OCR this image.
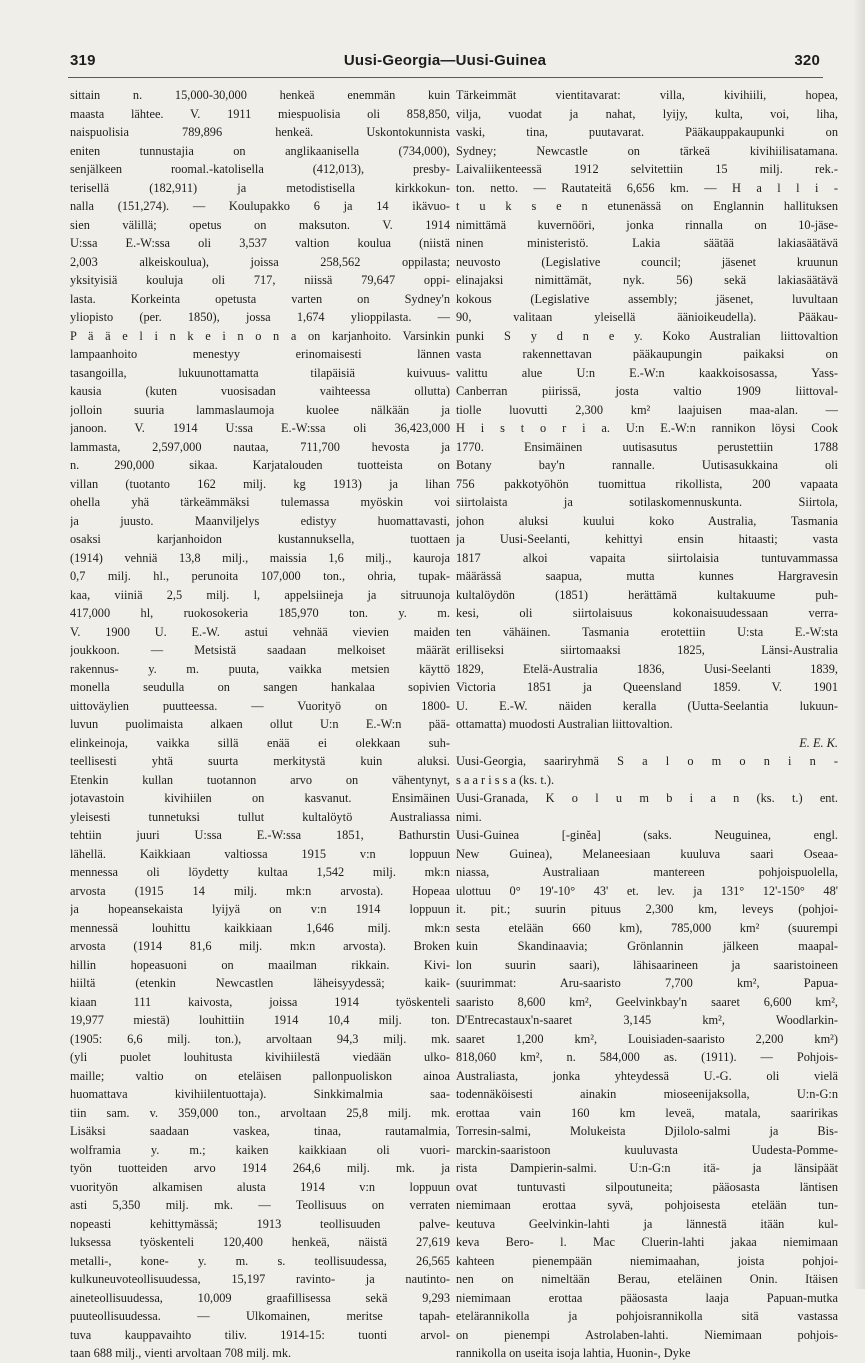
319	Uusi-Georgia—Uusi-Guinea	320
sittain n. 15,000-30,000 henkeä enemmän kuin
maasta lähtee. V. 1911 miespuolisia oli 858,850,
naispuolisia 789,896 henkeä. Uskontokunnista
eniten tunnustajia on anglikaanisella (734,000),
senjälkeen roomal.-katolisella (412,013), presby-
terisellä (182,911) ja metodistisella kirkkokun-
nalla (151,274). — Koulupakko 6 ja 14 ikävuo-
sien välillä; opetus on maksuton. V. 1914
U:ssa E.-W:ssa oli 3,537 valtion koulua (niistä
2,003 alkeiskoulua), joissa 258,562 oppilasta;
yksityisiä kouluja oli 717, niissä 79,647 oppi-
lasta. Korkeinta opetusta varten on Sydney'n
yliopisto (per. 1850), jossa 1,674 ylioppilasta. —
P ä ä e l i n k e i n o n a on karjanhoito. Varsinkin
lampaanhoito menestyy erinomaisesti lännen
tasangoilla, lukuunottamatta tilapäisiä kuivuus-
kausia (kuten vuosisadan vaihteessa ollutta)
jolloin suuria lammaslaumoja kuolee nälkään ja
janoon. V. 1914 U:ssa E.-W:ssa oli 36,423,000
lammasta, 2,597,000 nautaa, 711,700 hevosta ja
n. 290,000 sikaa. Karjatalouden tuotteista on
villan (tuotanto 162 milj. kg 1913) ja lihan
ohella yhä tärkeämmäksi tulemassa myöskin voi
ja juusto. Maanviljelys edistyy huomattavasti,
osaksi karjanhoidon kustannuksella, tuottaen
(1914) vehniä 13,8 milj., maissia 1,6 milj., kauroja
0,7 milj. hl., perunoita 107,000 ton., ohria, tupak-
kaa, viiniä 2,5 milj. l, appelsiineja ja sitruunoja
417,000 hl, ruokosokeria 185,970 ton. y. m.
V. 1900 U. E.-W. astui vehnää vievien maiden
joukkoon. — Metsistä saadaan melkoiset määrät
rakennus- y. m. puuta, vaikka metsien käyttö
monella seudulla on sangen hankalaa sopivien
uittoväylien puutteessa. — Vuorityö on 1800-
luvun puolimaista alkaen ollut U:n E.-W:n pää-
elinkeinoja, vaikka sillä enää ei olekkaan suh-
teellisesti yhtä suurta merkitystä kuin aluksi.
Etenkin kullan tuotannon arvo on vähentynyt,
jotavastoin kivihiilen on kasvanut. Ensimäinen
yleisesti tunnetuksi tullut kultalöytö Australiassa
tehtiin juuri U:ssa E.-W:ssa 1851, Bathurstin
lähellä. Kaikkiaan valtiossa 1915 v:n loppuun
mennessa oli löydetty kultaa 1,542 milj. mk:n
arvosta (1915 14 milj. mk:n arvosta). Hopeaa
ja hopeansekaista lyijyä on v:n 1914 loppuun
mennessä louhittu kaikkiaan 1,646 milj. mk:n
arvosta (1914 81,6 milj. mk:n arvosta). Broken
hillin hopeasuoni on maailman rikkain. Kivi-
hiiltä (etenkin Newcastlen läheisyydessä; kaik-
kiaan 111 kaivosta, joissa 1914 työskenteli
19,977 miestä) louhittiin 1914 10,4 milj. ton.
(1905: 6,6 milj. ton.), arvoltaan 94,3 milj. mk.
(yli puolet louhitusta kivihiilestä viedään ulko-
maille; valtio on eteläisen pallonpuoliskon ainoa
huomattava kivihiilentuottaja). Sinkkimalmia saa-
tiin sam. v. 359,000 ton., arvoltaan 25,8 milj. mk.
Lisäksi saadaan vaskea, tinaa, rautamalmia,
wolframia y. m.; kaiken kaikkiaan oli vuori-
työn tuotteiden arvo 1914 264,6 milj. mk. ja
vuorityön alkamisen alusta 1914 v:n loppuun
asti 5,350 milj. mk. — Teollisuus on verraten
nopeasti kehittymässä; 1913 teollisuuden palve-
luksessa työskenteli 120,400 henkeä, näistä 27,619
metalli-, kone- y. m. s. teollisuudessa, 26,565
kulkuneuvoteollisuudessa, 15,197 ravinto- ja nautinto-
aineteollisuudessa, 10,009 graafillisessa sekä 9,293
puuteollisuudessa. — Ulkomainen, meritse tapah-
tuva kauppavaihto tiliv. 1914-15: tuonti arvol-
taan 688 milj., vienti arvoltaan 708 milj. mk.
Tärkeimmät vientitavarat: villa, kivihiili, hopea,
vilja, vuodat ja nahat, lyijy, kulta, voi, liha,
vaski, tina, puutavarat. Pääkauppakaupunki on
Sydney; Newcastle on tärkeä kivihiilisatamana.
Laivaliikenteessä 1912 selvitettiin 15 milj. rek.-
ton. netto. — Rautateitä 6,656 km. — H a l l i -
t u k s e n etunenässä on Englannin hallituksen
nimittämä kuvernööri, jonka rinnalla on 10-jäse-
ninen ministeristö. Lakia säätää lakiasäätävä
neuvosto (Legislative council; jäsenet kruunun
elinajaksi nimittämät, nyk. 56) sekä lakiasäätävä
kokous (Legislative assembly; jäsenet, luvultaan
90, valitaan yleisellä äänioikeudella). Pääkau-
punki S y d n e y. Koko Australian liittovaltion
vasta rakennettavan pääkaupungin paikaksi on
valittu alue U:n E.-W:n kaakkoisosassa, Yass-
Canberran piirissä, josta valtio 1909 liittoval-
tiolle luovutti 2,300 km² laajuisen maa-alan. —
H i s t o r i a. U:n E.-W:n rannikon löysi Cook
1770. Ensimäinen uutisasutus perustettiin 1788
Botany bay'n rannalle. Uutisasukkaina oli
756 pakkotyöhön tuomittua rikollista, 200 vapaata
siirtolaista ja sotilaskomennuskunta. Siirtola,
johon aluksi kuului koko Australia, Tasmania
ja Uusi-Seelanti, kehittyi ensin hitaasti; vasta
1817 alkoi vapaita siirtolaisia tuntuvammassa
määrässä saapua, mutta kunnes Hargravesin
kultalöydön (1851) herättämä kultakuume puh-
kesi, oli siirtolaisuus kokonaisuudessaan verra-
ten vähäinen. Tasmania erotettiin U:sta E.-W:sta
erilliseksi siirtomaaksi 1825, Länsi-Australia
1829, Etelä-Australia 1836, Uusi-Seelanti 1839,
Victoria 1851 ja Queensland 1859. V. 1901
U. E.-W. näiden keralla (Uutta-Seelantia lukuun-
ottamatta) muodosti Australian liittovaltion.
E. E. K.
Uusi-Georgia, saariryhmä S a l o m o n i n -
s a a r i s s a (ks. t.).
Uusi-Granada, K o l u m b i a n (ks. t.) ent.
nimi.
Uusi-Guinea [-ginĕa] (saks. Neuguinea, engl.
New Guinea), Melaneesiaan kuuluva saari Oseaa-
niassa, Australiaan mantereen pohjoispuolella,
ulottuu 0° 19'-10° 43' et. lev. ja 131° 12'-150° 48'
it. pit.; suurin pituus 2,300 km, leveys (pohjoi-
sesta etelään 660 km), 785,000 km² (suurempi
kuin Skandinaavia; Grönlannin jälkeen maapal-
lon suurin saari), lähisaarineen ja saaristoineen
(suurimmat: Aru-saaristo 7,700 km², Papua-
saaristo 8,600 km², Geelvinkbay'n saaret 6,600 km²,
D'Entrecastaux'n-saaret 3,145 km², Woodlarkin-
saaret 1,200 km², Louisiaden-saaristo 2,200 km²)
818,060 km², n. 584,000 as. (1911). — Pohjois-
Australiasta, jonka yhteydessä U.-G. oli vielä
todennäköisesti ainakin mioseenijaksolla, U:n-G:n
erottaa vain 160 km leveä, matala, saaririkas
Torresin-salmi, Molukeista Djilolo-salmi ja Bis-
marckin-saaristoon kuuluvasta Uudesta-Pomme-
rista Dampierin-salmi. U:n-G:n itä- ja länsipäät
ovat tuntuvasti silpoutuneita; pääosasta läntisen
niemimaan erottaa syvä, pohjoisesta etelään tun-
keutuva Geelvinkin-lahti ja lännestä itään kul-
keva Bero- l. Mac Cluerin-lahti jakaa niemimaan
kahteen pienempään niemimaahan, joista pohjoi-
nen on nimeltään Berau, eteläinen Onin. Itäisen
niemimaan erottaa pääosasta laaja Papuan-mutka
etelärannikolla ja pohjoisrannikolla sitä vastassa
on pienempi Astrolaben-lahti. Niemimaan pohjois-
rannikolla on useita isoja lahtia, Huonin-, Dyke
